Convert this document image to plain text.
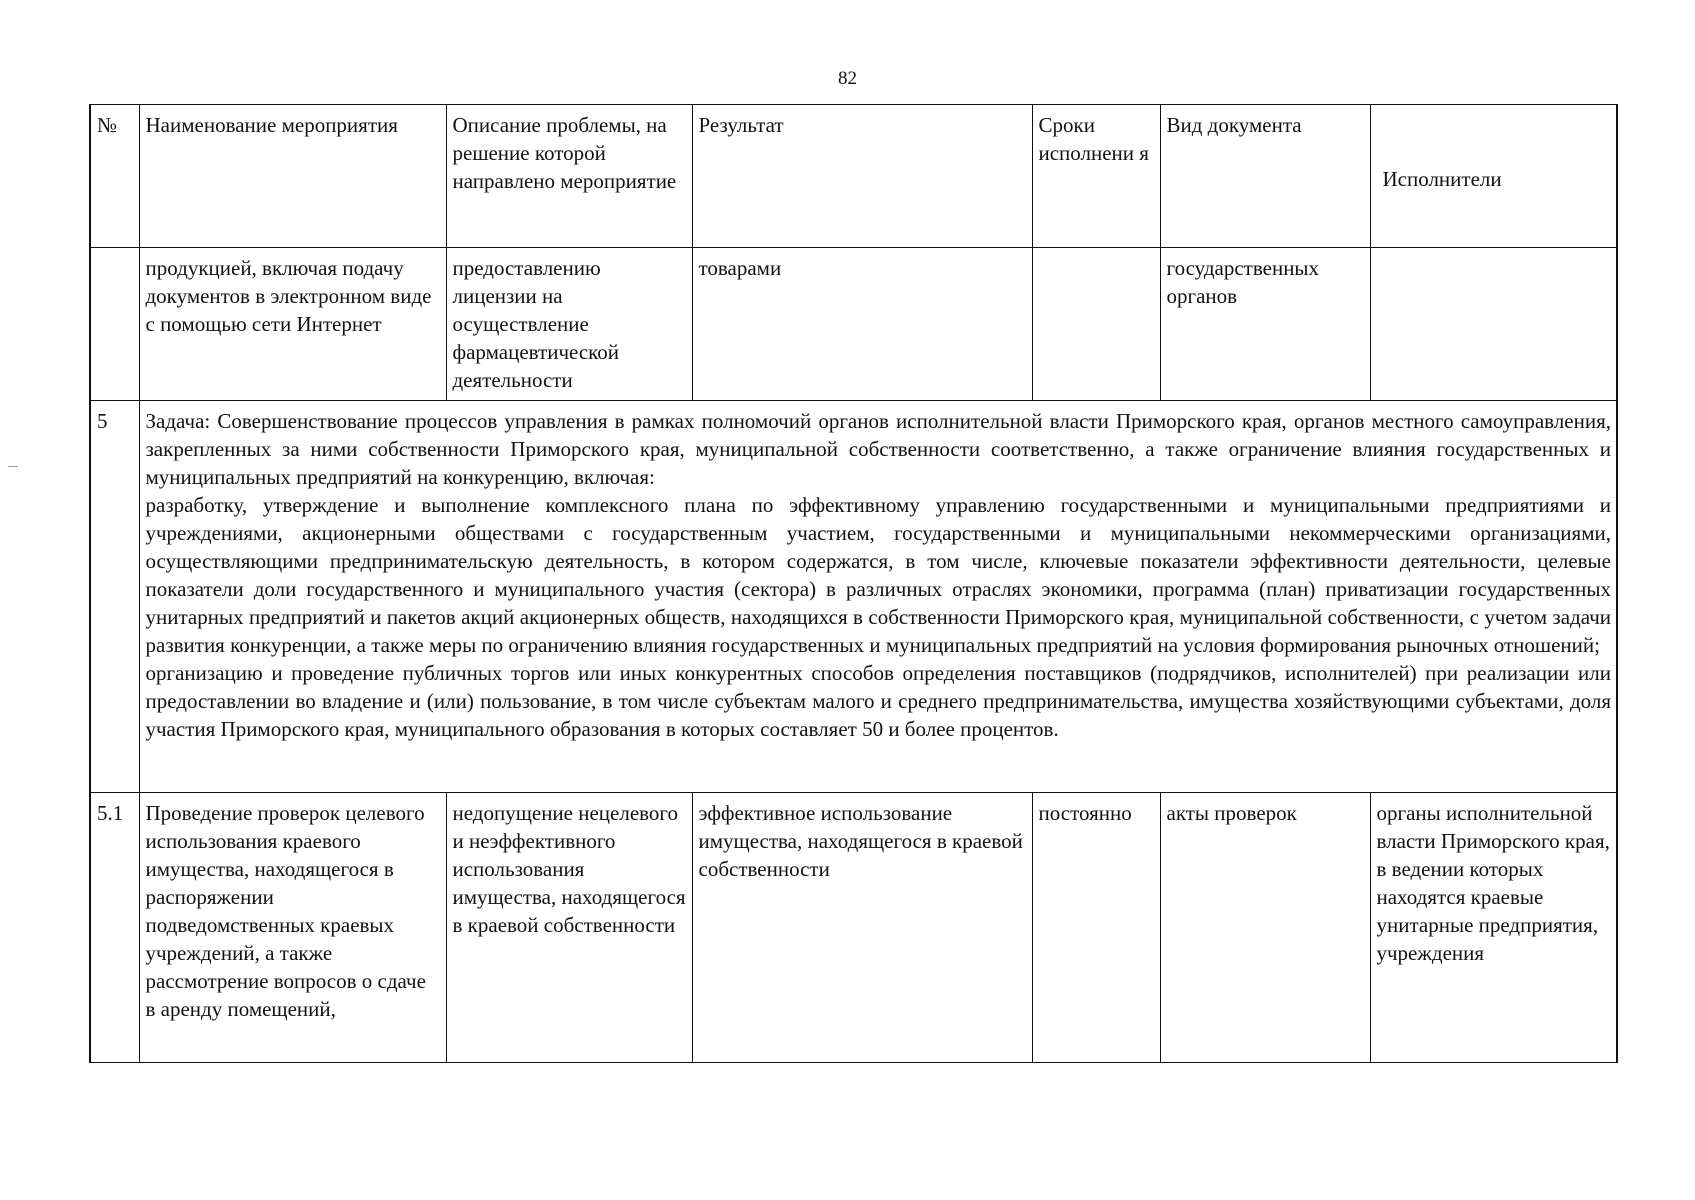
82
№	Наименование мероприятия	Описание проблемы, на решение которой направлено мероприятие	Результат	Сроки исполнени я	Вид документа	Исполнители
	продукцией, включая подачу документов в электронном виде с помощью сети Интернет	предоставлению лицензии на осуществление фармацевтической деятельности	товарами		государственных органов	
5	Задача: Совершенствование процессов управления в рамках полномочий органов исполнительной власти Приморского края, органов местного самоуправления, закрепленных за ними собственности Приморского края, муниципальной собственности соответственно, а также ограничение влияния государственных и муниципальных предприятий на конкуренцию, включая:

разработку, утверждение и выполнение комплексного плана по эффективному управлению государственными и муниципальными предприятиями и учреждениями, акционерными обществами с государственным участием, государственными и муниципальными некоммерческими организациями, осуществляющими предпринимательскую деятельность, в котором содержатся, в том числе, ключевые показатели эффективности деятельности, целевые показатели доли государственного и муниципального участия (сектора) в различных отраслях экономики, программа (план) приватизации государственных унитарных предприятий и пакетов акций акционерных обществ, находящихся в собственности Приморского края, муниципальной собственности, с учетом задачи развития конкуренции, а также меры по ограничению влияния государственных и муниципальных предприятий на условия формирования рыночных отношений;

организацию и проведение публичных торгов или иных конкурентных способов определения поставщиков (подрядчиков, исполнителей) при реализации или предоставлении во владение и (или) пользование, в том числе субъектам малого и среднего предпринимательства, имущества хозяйствующими субъектами, доля участия Приморского края, муниципального образования в которых составляет 50 и более процентов.					

5.1	Проведение проверок целевого использования краевого имущества, находящегося в распоряжении подведомственных краевых учреждений, а также рассмотрение вопросов о сдаче в аренду помещений,	недопущение нецелевого и неэффективного использования имущества, находящегося в краевой собственности	эффективное использование имущества, находящегося в краевой собственности	постоянно	акты проверок	органы исполнительной власти Приморского края, в ведении которых находятся краевые унитарные предприятия, учреждения
